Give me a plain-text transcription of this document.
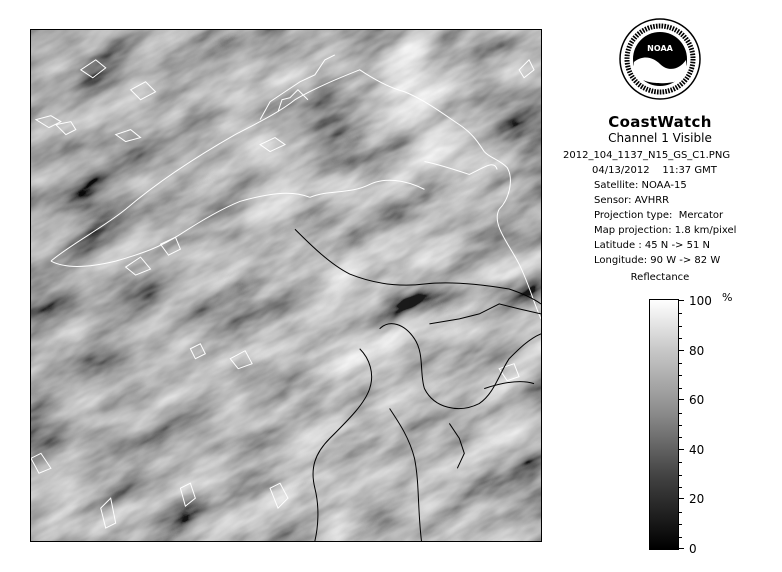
NOAA
CoastWatch
Channel 1 Visible
2012_104_1137_N15_GS_C1.PNG
04/13/2012    11:37 GMT
Satellite: NOAA-15
Sensor: AVHRR
Projection type:  Mercator
Map projection: 1.8 km/pixel
Latitude : 45 N -> 51 N
Longitude: 90 W -> 82 W
Reflectance
%
100
80
60
40
20
0
